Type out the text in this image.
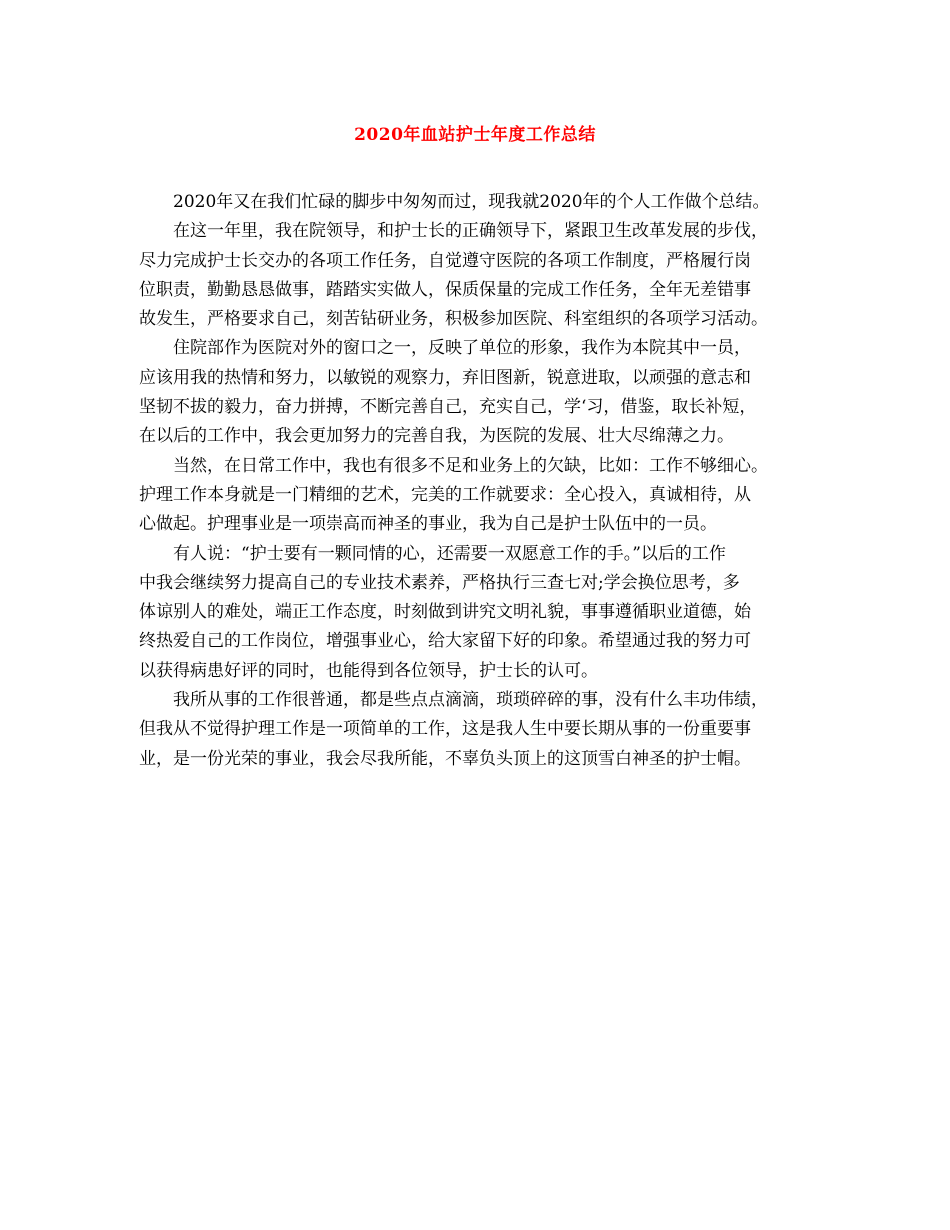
2020年血站护士年度工作总结
2020年又在我们忙碌的脚步中匆匆而过，现我就2020年的个人工作做个总结。
在这一年里，我在院领导，和护士长的正确领导下，紧跟卫生改革发展的步伐，
尽力完成护士长交办的各项工作任务，自觉遵守医院的各项工作制度，严格履行岗
位职责，勤勤恳恳做事，踏踏实实做人，保质保量的完成工作任务，全年无差错事
故发生，严格要求自己，刻苦钻研业务，积极参加医院、科室组织的各项学习活动。
住院部作为医院对外的窗口之一，反映了单位的形象，我作为本院其中一员，
应该用我的热情和努力，以敏锐的观察力，弃旧图新，锐意进取，以顽强的意志和
坚韧不拔的毅力，奋力拼搏，不断完善自己，充实自己，学‘习，借鉴，取长补短，
在以后的工作中，我会更加努力的完善自我，为医院的发展、壮大尽绵薄之力。
当然，在日常工作中，我也有很多不足和业务上的欠缺，比如：工作不够细心。
护理工作本身就是一门精细的艺术，完美的工作就要求：全心投入，真诚相待，从
心做起。护理事业是一项崇高而神圣的事业，我为自己是护士队伍中的一员。
有人说：“护士要有一颗同情的心，还需要一双愿意工作的手。”以后的工作
中我会继续努力提高自己的专业技术素养，严格执行三查七对;学会换位思考，多
体谅别人的难处，端正工作态度，时刻做到讲究文明礼貌，事事遵循职业道德，始
终热爱自己的工作岗位，增强事业心，给大家留下好的印象。希望通过我的努力可
以获得病患好评的同时，也能得到各位领导，护士长的认可。
我所从事的工作很普通，都是些点点滴滴，琐琐碎碎的事，没有什么丰功伟绩，
但我从不觉得护理工作是一项简单的工作，这是我人生中要长期从事的一份重要事
业，是一份光荣的事业，我会尽我所能，不辜负头顶上的这顶雪白神圣的护士帽。
